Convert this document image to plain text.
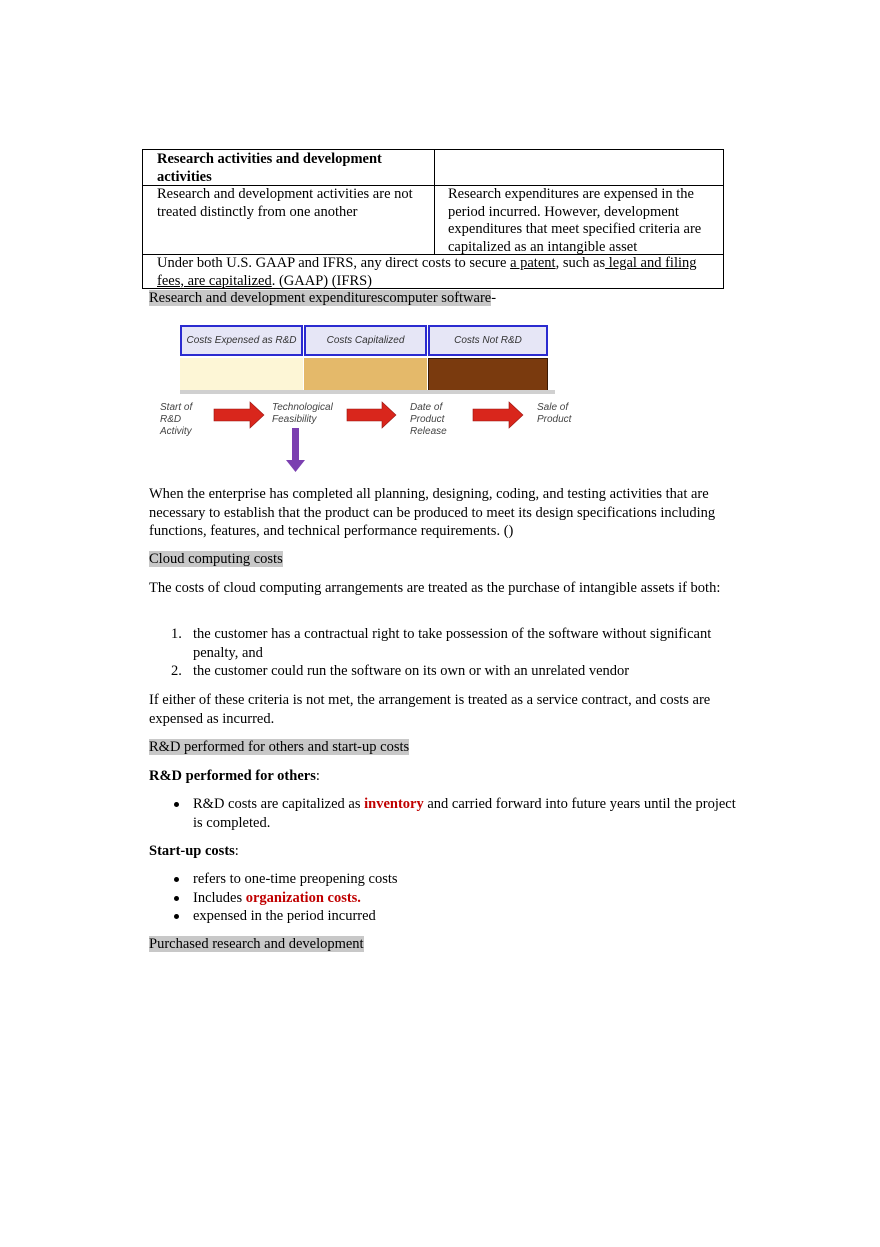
Research activities and development activities
Research and development activities are not treated distinctly from one another
Research expenditures are expensed in the period incurred. However, development expenditures that meet specified criteria are capitalized as an intangible asset
Under both U.S. GAAP and IFRS, any direct costs to secure a patent, such as legal and filing fees, are capitalized. (GAAP) (IFRS)

Research and development expenditurescomputer software-

Costs Expensed as R&D	Costs Capitalized	Costs Not R&D
Start of R&D Activity
Technological Feasibility
Date of Product Release
Sale of Product

When the enterprise has completed all planning, designing, coding, and testing activities that are necessary to establish that the product can be produced to meet its design specifications including functions, features, and technical performance requirements. ()

Cloud computing costs

The costs of cloud computing arrangements are treated as the purchase of intangible assets if both:

1. the customer has a contractual right to take possession of the software without significant penalty, and
2. the customer could run the software on its own or with an unrelated vendor

If either of these criteria is not met, the arrangement is treated as a service contract, and costs are expensed as incurred.

R&D performed for others and start-up costs

R&D performed for others:

R&D costs are capitalized as inventory and carried forward into future years until the project is completed.

Start-up costs:

refers to one-time preopening costs
Includes organization costs.
expensed in the period incurred

Purchased research and development
